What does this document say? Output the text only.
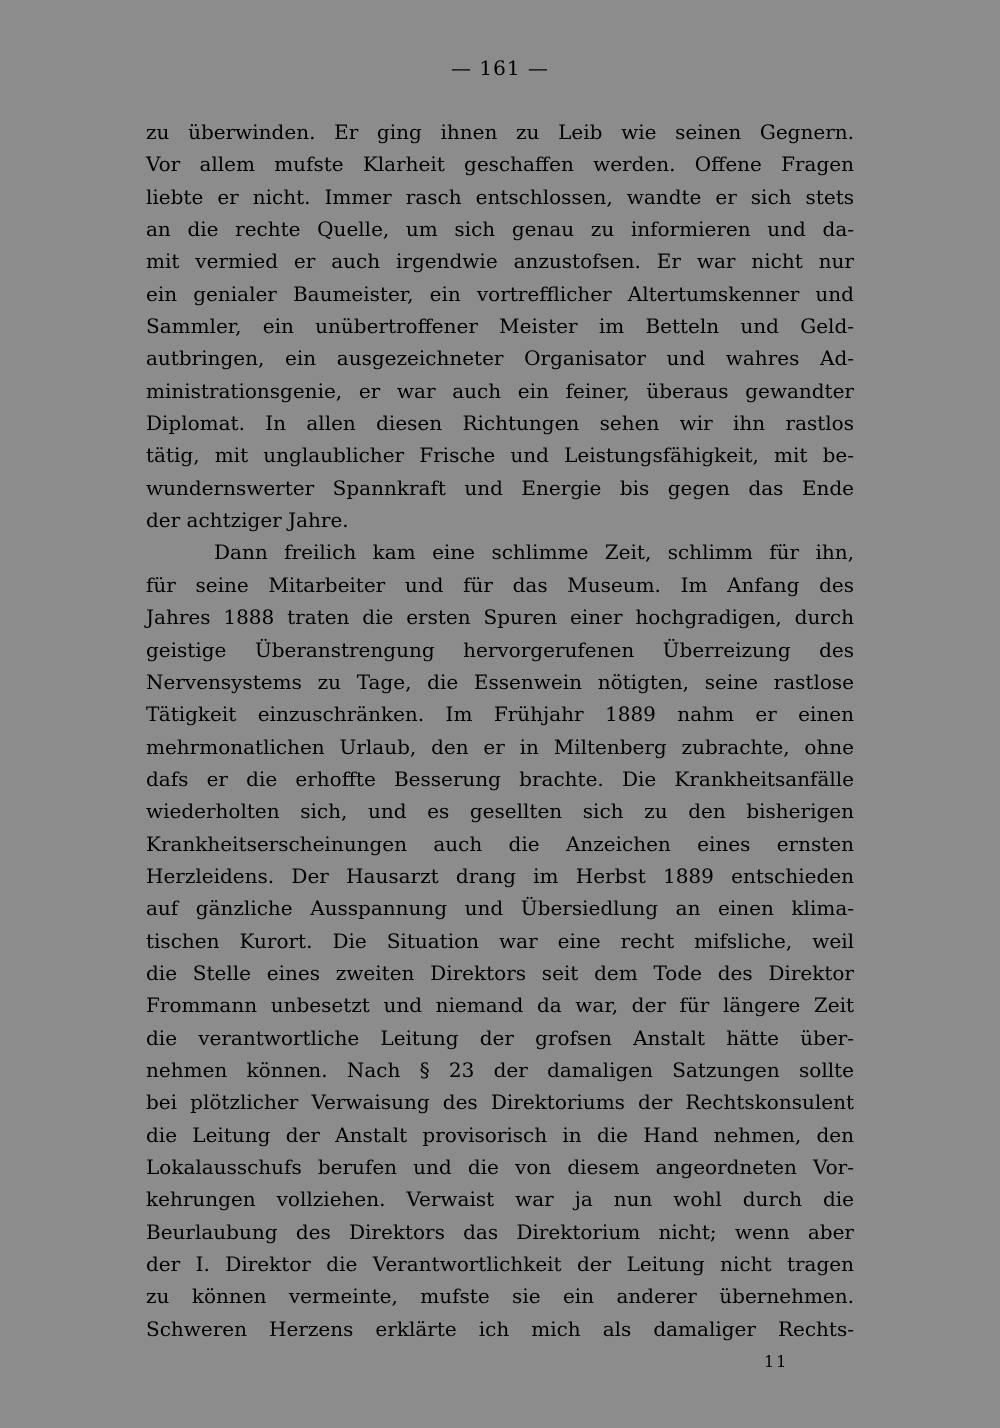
— 161 —
zu überwinden. Er ging ihnen zu Leib wie seinen Gegnern.
Vor allem mufste Klarheit geschaffen werden. Offene Fragen
liebte er nicht. Immer rasch entschlossen, wandte er sich stets
an die rechte Quelle, um sich genau zu informieren und da-
mit vermied er auch irgendwie anzustofsen. Er war nicht nur
ein genialer Baumeister, ein vortrefflicher Altertumskenner und
Sammler, ein unübertroffener Meister im Betteln und Geld-
autbringen, ein ausgezeichneter Organisator und wahres Ad-
ministrationsgenie, er war auch ein feiner, überaus gewandter
Diplomat. In allen diesen Richtungen sehen wir ihn rastlos
tätig, mit unglaublicher Frische und Leistungsfähigkeit, mit be-
wundernswerter Spannkraft und Energie bis gegen das Ende
der achtziger Jahre.
Dann freilich kam eine schlimme Zeit, schlimm für ihn,
für seine Mitarbeiter und für das Museum. Im Anfang des
Jahres 1888 traten die ersten Spuren einer hochgradigen, durch
geistige Überanstrengung hervorgerufenen Überreizung des
Nervensystems zu Tage, die Essenwein nötigten, seine rastlose
Tätigkeit einzuschränken. Im Frühjahr 1889 nahm er einen
mehrmonatlichen Urlaub, den er in Miltenberg zubrachte, ohne
dafs er die erhoffte Besserung brachte. Die Krankheitsanfälle
wiederholten sich, und es gesellten sich zu den bisherigen
Krankheitserscheinungen auch die Anzeichen eines ernsten
Herzleidens. Der Hausarzt drang im Herbst 1889 entschieden
auf gänzliche Ausspannung und Übersiedlung an einen klima-
tischen Kurort. Die Situation war eine recht mifsliche, weil
die Stelle eines zweiten Direktors seit dem Tode des Direktor
Frommann unbesetzt und niemand da war, der für längere Zeit
die verantwortliche Leitung der grofsen Anstalt hätte über-
nehmen können. Nach § 23 der damaligen Satzungen sollte
bei plötzlicher Verwaisung des Direktoriums der Rechtskonsulent
die Leitung der Anstalt provisorisch in die Hand nehmen, den
Lokalausschufs berufen und die von diesem angeordneten Vor-
kehrungen vollziehen. Verwaist war ja nun wohl durch die
Beurlaubung des Direktors das Direktorium nicht; wenn aber
der I. Direktor die Verantwortlichkeit der Leitung nicht tragen
zu können vermeinte, mufste sie ein anderer übernehmen.
Schweren Herzens erklärte ich mich als damaliger Rechts-
11
